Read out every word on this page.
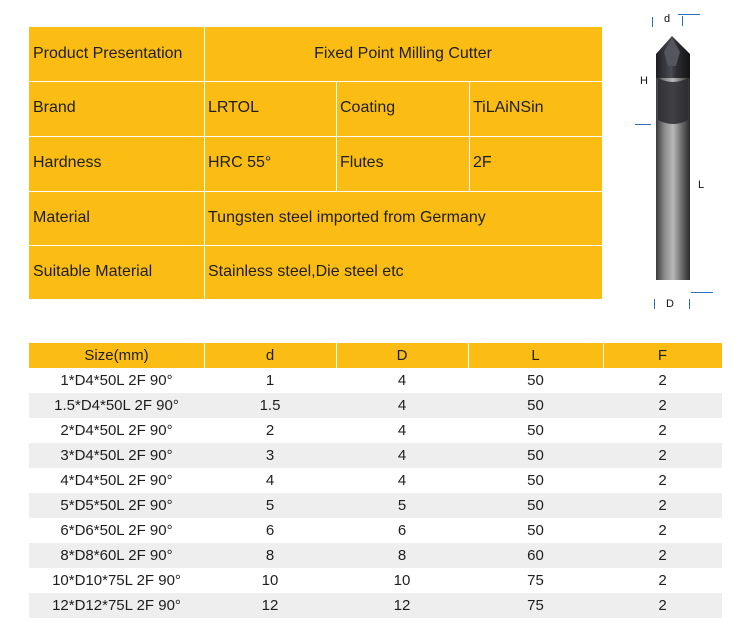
Product Presentation	Fixed Point Milling Cutter
Brand	LRTOL	Coating	TiLAiNSin
Hardness	HRC 55°	Flutes	2F
Material	Tungsten steel imported from Germany
Suitable Material	Stainless steel,Die steel etc
d
H
L
D
Size(mm)	d	D	L	F
1*D4*50L 2F 90°	1	4	50	2
1.5*D4*50L 2F 90°	1.5	4	50	2
2*D4*50L 2F 90°	2	4	50	2
3*D4*50L 2F 90°	3	4	50	2
4*D4*50L 2F 90°	4	4	50	2
5*D5*50L 2F 90°	5	5	50	2
6*D6*50L 2F 90°	6	6	50	2
8*D8*60L 2F 90°	8	8	60	2
10*D10*75L 2F 90°	10	10	75	2
12*D12*75L 2F 90°	12	12	75	2
